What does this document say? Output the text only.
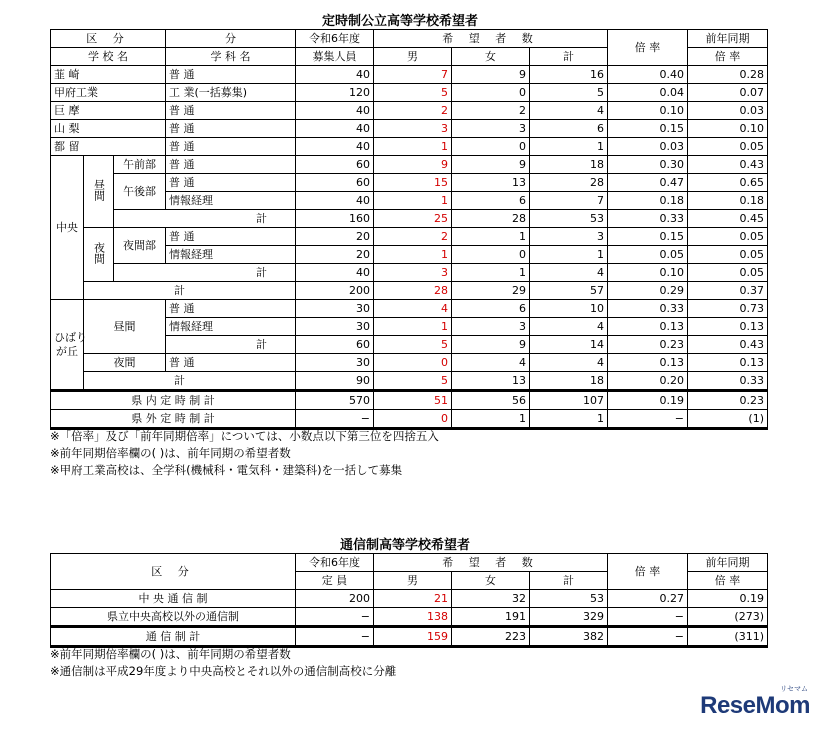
定時制公立高等学校希望者
区 分			分	令和6年度	希 望 者 数			倍 率	前年同期
学 校 名			学 科 名	募集人員	男	女	計		倍 率
韮 崎			普 通	40	7	9	16	0.40	0.28
甲府工業			工 業(一括募集)	120	5	0	5	0.04	0.07
巨 摩			普 通	40	2	2	4	0.10	0.03
山 梨			普 通	40	3	3	6	0.15	0.10
都 留			普 通	40	1	0	1	0.03	0.05
中央	昼間	午前部	普 通	60	9	9	18	0.30	0.43
		午後部	普 通	60	15	13	28	0.47	0.65
			情報経理	40	1	6	7	0.18	0.18
		計		160	25	28	53	0.33	0.45
	夜間	夜間部	普 通	20	2	1	3	0.15	0.05
			情報経理	20	1	0	1	0.05	0.05
		計		40	3	1	4	0.10	0.05
	計			200	28	29	57	0.29	0.37
ひばり
が丘	昼間		普 通	30	4	6	10	0.33	0.73
			情報経理	30	1	3	4	0.13	0.13
			計	60	5	9	14	0.23	0.43
	夜間		普 通	30	0	4	4	0.13	0.13
	計			90	5	13	18	0.20	0.33
県 内 定 時 制 計				570	51	56	107	0.19	0.23
県 外 定 時 制 計				−	0	1	1	−	(1)
※「倍率」及び「前年同期倍率」については、小数点以下第三位を四捨五入
※前年同期倍率欄の( )は、前年同期の希望者数
※甲府工業高校は、全学科(機械科・電気科・建築科)を一括して募集
通信制高等学校希望者
区 分	令和6年度	希 望 者 数			倍 率	前年同期
	定 員	男	女	計		倍 率
中 央 通 信 制	200	21	32	53	0.27	0.19
県立中央高校以外の通信制	−	138	191	329	−	(273)
通 信 制 計	−	159	223	382	−	(311)
※前年同期倍率欄の( )は、前年同期の希望者数
※通信制は平成29年度より中央高校とそれ以外の通信制高校に分離
リセマム
ReseMom
